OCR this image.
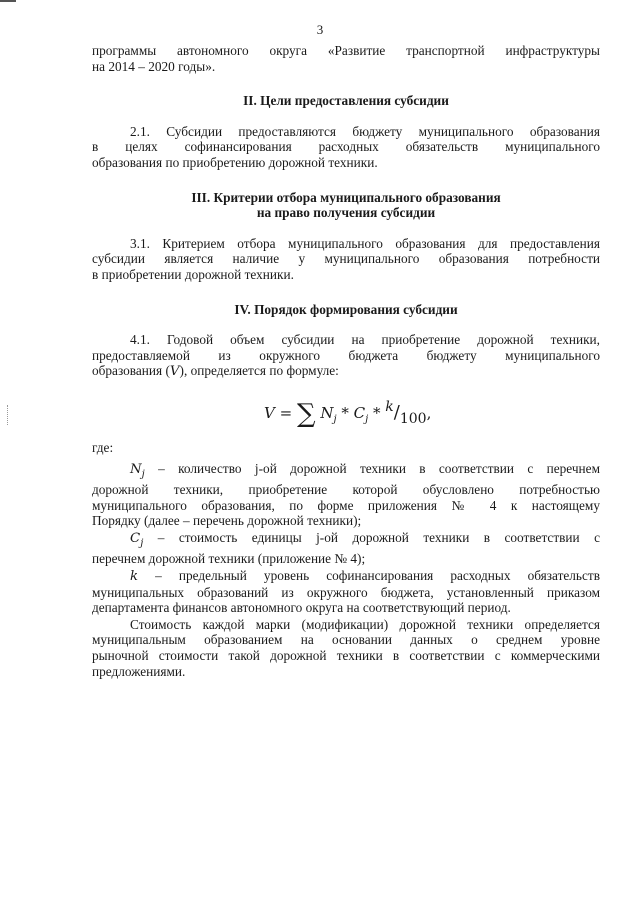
3

программы автономного округа «Развитие транспортной инфраструктуры
на 2014 – 2020 годы».

II. Цели предоставления субсидии

2.1. Субсидии предоставляются бюджету муниципального образования
в целях софинансирования расходных обязательств муниципального
образования по приобретению дорожной техники.

III. Критерии отбора муниципального образования
на право получения субсидии

3.1. Критерием отбора муниципального образования для предоставления
субсидии является наличие у муниципального образования потребности
в приобретении дорожной техники.

IV. Порядок формирования субсидии

4.1. Годовой объем субсидии на приобретение дорожной техники,
предоставляемой из окружного бюджета бюджету муниципального
образования (V), определяется по формуле:

V = ∑ $N_j * C_j * k/100$,

где:

$N_j$ – количество j-ой дорожной техники в соответствии с перечнем
дорожной техники, приобретение которой обусловлено потребностью
муниципального образования, по форме приложения № 4 к настоящему
Порядку (далее – перечень дорожной техники);

$C_j$ – стоимость единицы j-ой дорожной техники в соответствии с
перечнем дорожной техники (приложение № 4);

k – предельный уровень софинансирования расходных обязательств
муниципальных образований из окружного бюджета, установленный приказом
департамента финансов автономного округа на соответствующий период.

Стоимость каждой марки (модификации) дорожной техники определяется
муниципальным образованием на основании данных о среднем уровне
рыночной стоимости такой дорожной техники в соответствии с коммерческими
предложениями.
